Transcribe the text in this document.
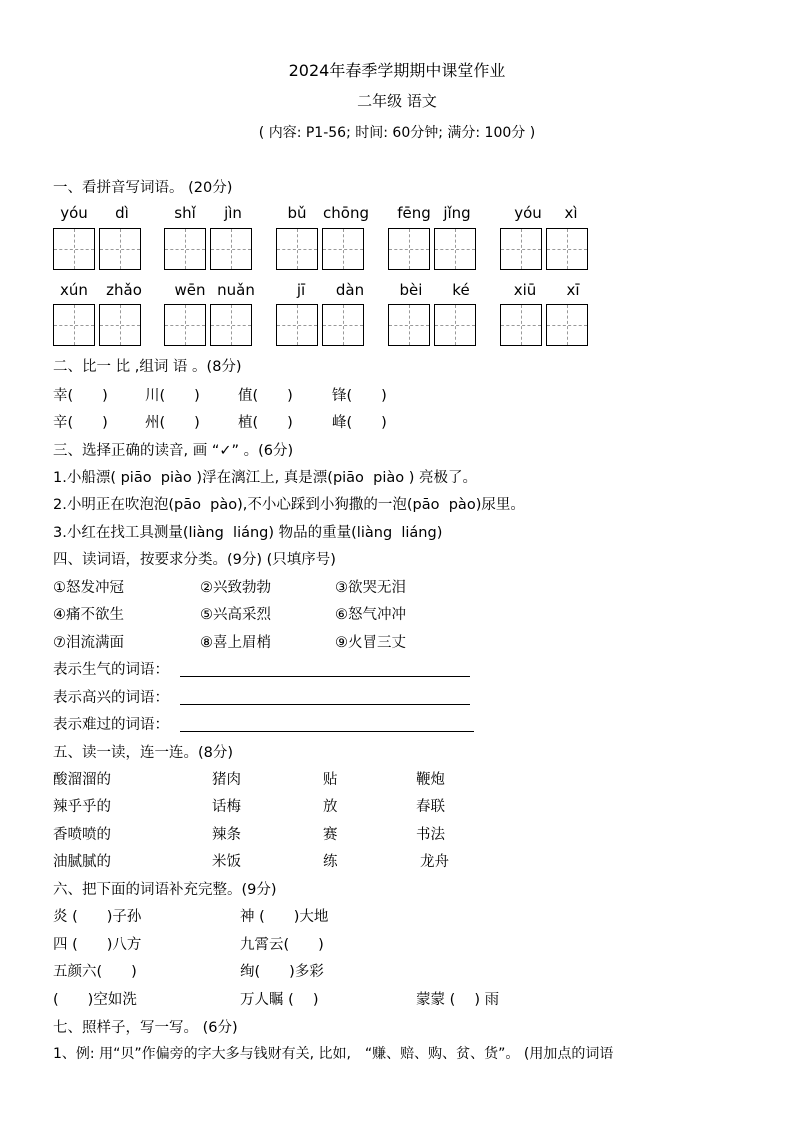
2024年春季学期期中课堂作业
二年级 语文
( 内容: P1-56; 时间: 60分钟; 满分: 100分 )
一、看拼音写词语。 (20分)
yóu	dì	shǐ	jìn	bǔ	chōng	fēng jǐng	yóu	xì
xún	zhǎo	wēn nuǎn	jī	dàn	bèi	ké	xiū	xī
二、比一 比 ,组词 语 。(8分)
幸(　　)	川(　　)	值(　　)	锋(　　)
辛(　　)	州(　　)	植(　　)	峰(　　)
三、选择正确的读音, 画 “✓” 。(6分)
1.小船漂( piāo  piào )浮在漓江上, 真是漂(piāo  piào ) 亮极了。
2.小明正在吹泡泡(pāo  pào),不小心踩到小狗撒的一泡(pāo  pào)尿里。
3.小红在找工具测量(liàng  liáng) 物品的重量(liàng  liáng)
四、读词语，按要求分类。(9分) (只填序号)
①怒发冲冠	②兴致勃勃	③欲哭无泪
④痛不欲生	⑤兴高采烈	⑥怒气冲冲
⑦泪流满面	⑧喜上眉梢	⑨火冒三丈
表示生气的词语：
表示高兴的词语：
表示难过的词语：
五、读一读，连一连。(8分)
酸溜溜的	猪肉	贴	鞭炮
辣乎乎的	话梅	放	春联
香喷喷的	辣条	赛	书法
油腻腻的	米饭	练	龙舟
六、把下面的词语补充完整。(9分)
炎 (　　)子孙	神 (　　)大地
四 (　　)八方	九霄云(　　)
五颜六(　　)	绚(　　)多彩
(　　)空如洗	万人瞩 (　 )	蒙蒙 (　 ) 雨
七、照样子，写一写。 (6分)
1、例: 用“贝”作偏旁的字大多与钱财有关, 比如,　“赚、赔、购、贫、货”。 (用加点的词语
